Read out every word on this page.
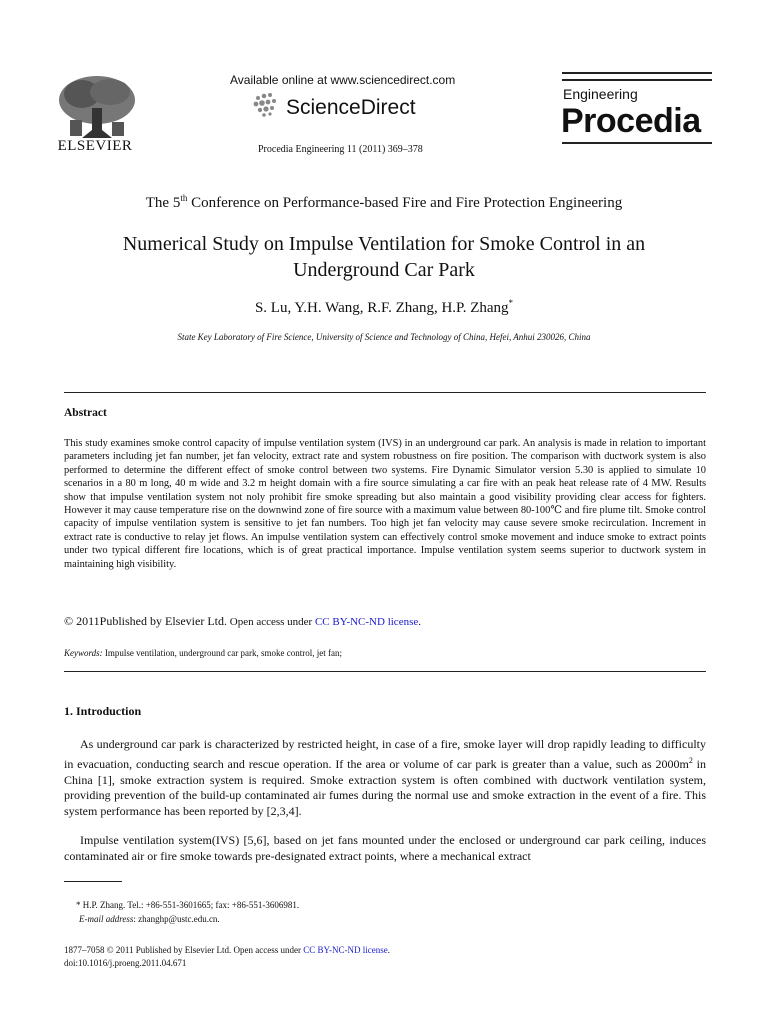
ELSEVIER
Available online at www.sciencedirect.com
ScienceDirect
Procedia Engineering 11 (2011) 369–378
Engineering
Procedia
The 5th Conference on Performance-based Fire and Fire Protection Engineering
Numerical Study on Impulse Ventilation for Smoke Control in an
Underground Car Park
S. Lu, Y.H. Wang, R.F. Zhang, H.P. Zhang*
State Key Laboratory of Fire Science, University of Science and Technology of China, Hefei, Anhui 230026, China
Abstract
This study examines smoke control capacity of impulse ventilation system (IVS) in an underground car park. An analysis is made in relation to important parameters including jet fan number, jet fan velocity, extract rate and system robustness on fire position. The comparison with ductwork system is also performed to determine the different effect of smoke control between two systems. Fire Dynamic Simulator version 5.30 is applied to simulate 10 scenarios in a 80 m long, 40 m wide and 3.2 m height domain with a fire source simulating a car fire with an peak heat release rate of 4 MW. Results show that impulse ventilation system not noly prohibit fire smoke spreading but also maintain a good visibility providing clear access for fighters. However it may cause temperature rise on the downwind zone of fire source with a maximum value between 80-100℃ and fire plume tilt. Smoke control capacity of impulse ventilation system is sensitive to jet fan numbers. Too high jet fan velocity may cause severe smoke recirculation. Increment in extract rate is conductive to relay jet flows. An impulse ventilation system can effectively control smoke movement and induce smoke to extract points under two typical different fire locations, which is of great practical importance. Impulse ventilation system seems superior to ductwork system in maintaining high visibility.
© 2011Published by Elsevier Ltd. Open access under CC BY-NC-ND license.
Keywords: Impulse ventilation, underground car park, smoke control, jet fan;
1. Introduction
As underground car park is characterized by restricted height, in case of a fire, smoke layer will drop rapidly leading to difficulty in evacuation, conducting search and rescue operation. If the area or volume of car park is greater than a value, such as $2000m^2$ in China [1], smoke extraction system is required. Smoke extraction system is often combined with ductwork ventilation system, providing prevention of the build-up contaminated air fumes during the normal use and smoke extraction in the event of a fire. This system performance has been reported by [2,3,4].
Impulse ventilation system(IVS) [5,6], based on jet fans mounted under the enclosed or underground car park ceiling, induces contaminated air or fire smoke towards pre-designated extract points, where a mechanical extract
* H.P. Zhang. Tel.: +86-551-3601665; fax: +86-551-3606981.
E-mail address: zhanghp@ustc.edu.cn.
1877–7058 © 2011 Published by Elsevier Ltd. Open access under CC BY-NC-ND license.
doi:10.1016/j.proeng.2011.04.671
